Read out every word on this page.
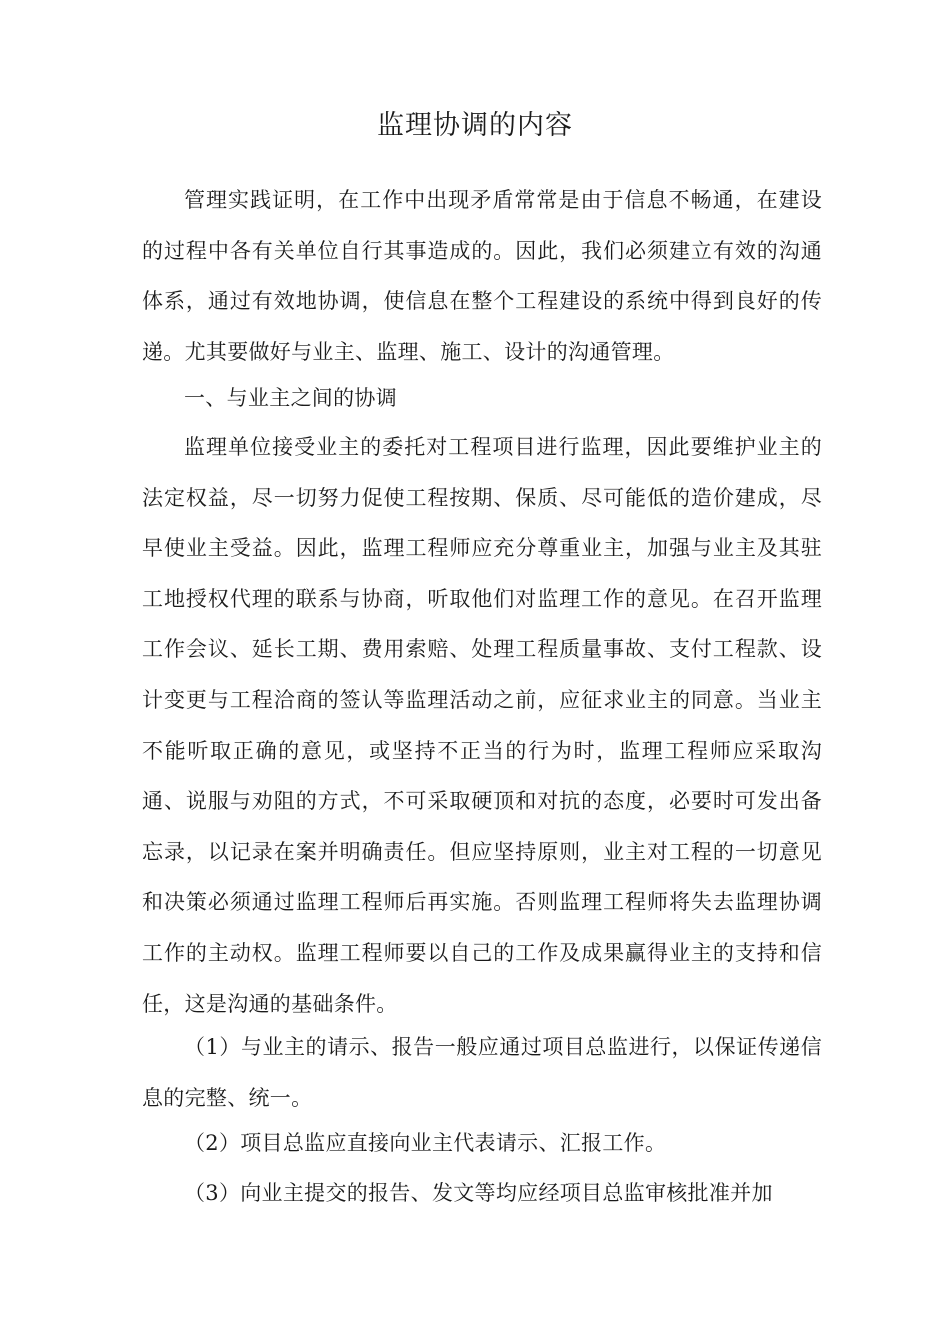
监理协调的内容

管理实践证明，在工作中出现矛盾常常是由于信息不畅通，在建设的过程中各有关单位自行其事造成的。因此，我们必须建立有效的沟通体系，通过有效地协调，使信息在整个工程建设的系统中得到良好的传递。尤其要做好与业主、监理、施工、设计的沟通管理。

一、与业主之间的协调

监理单位接受业主的委托对工程项目进行监理，因此要维护业主的法定权益，尽一切努力促使工程按期、保质、尽可能低的造价建成，尽早使业主受益。因此，监理工程师应充分尊重业主，加强与业主及其驻工地授权代理的联系与协商，听取他们对监理工作的意见。在召开监理工作会议、延长工期、费用索赔、处理工程质量事故、支付工程款、设计变更与工程洽商的签认等监理活动之前，应征求业主的同意。当业主不能听取正确的意见，或坚持不正当的行为时，监理工程师应采取沟通、说服与劝阻的方式，不可采取硬顶和对抗的态度，必要时可发出备忘录，以记录在案并明确责任。但应坚持原则，业主对工程的一切意见和决策必须通过监理工程师后再实施。否则监理工程师将失去监理协调工作的主动权。监理工程师要以自己的工作及成果赢得业主的支持和信任，这是沟通的基础条件。

（1）与业主的请示、报告一般应通过项目总监进行，以保证传递信息的完整、统一。

（2）项目总监应直接向业主代表请示、汇报工作。

（3）向业主提交的报告、发文等均应经项目总监审核批准并加
